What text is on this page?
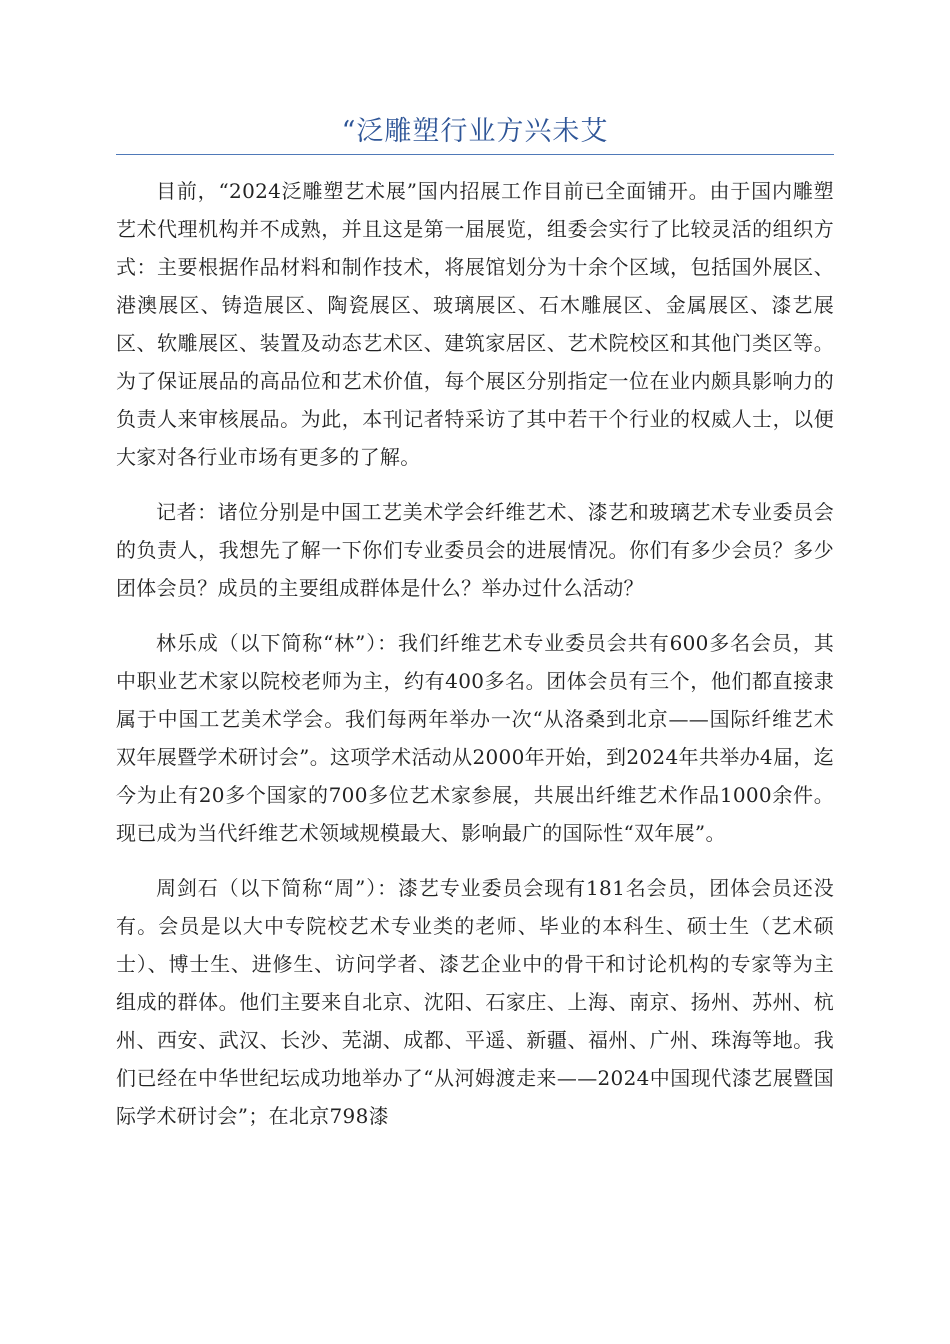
“泛雕塑行业方兴未艾

目前，“2024泛雕塑艺术展”国内招展工作目前已全面铺开。由于国内雕塑艺术代理机构并不成熟，并且这是第一届展览，组委会实行了比较灵活的组织方式：主要根据作品材料和制作技术，将展馆划分为十余个区域，包括国外展区、港澳展区、铸造展区、陶瓷展区、玻璃展区、石木雕展区、金属展区、漆艺展区、软雕展区、装置及动态艺术区、建筑家居区、艺术院校区和其他门类区等。为了保证展品的高品位和艺术价值，每个展区分别指定一位在业内颇具影响力的负责人来审核展品。为此，本刊记者特采访了其中若干个行业的权威人士，以便大家对各行业市场有更多的了解。

记者：诸位分别是中国工艺美术学会纤维艺术、漆艺和玻璃艺术专业委员会的负责人，我想先了解一下你们专业委员会的进展情况。你们有多少会员？多少团体会员？成员的主要组成群体是什么？举办过什么活动？

林乐成（以下简称“林”）：我们纤维艺术专业委员会共有600多名会员，其中职业艺术家以院校老师为主，约有400多名。团体会员有三个，他们都直接隶属于中国工艺美术学会。我们每两年举办一次“从洛桑到北京——国际纤维艺术双年展暨学术研讨会”。这项学术活动从2000年开始，到2024年共举办4届，迄今为止有20多个国家的700多位艺术家参展，共展出纤维艺术作品1000余件。现已成为当代纤维艺术领域规模最大、影响最广的国际性“双年展”。

周剑石（以下简称“周”）：漆艺专业委员会现有181名会员，团体会员还没有。会员是以大中专院校艺术专业类的老师、毕业的本科生、硕士生（艺术硕士）、博士生、进修生、访问学者、漆艺企业中的骨干和讨论机构的专家等为主组成的群体。他们主要来自北京、沈阳、石家庄、上海、南京、扬州、苏州、杭州、西安、武汉、长沙、芜湖、成都、平遥、新疆、福州、广州、珠海等地。我们已经在中华世纪坛成功地举办了“从河姆渡走来——2024中国现代漆艺展暨国际学术研讨会”；在北京798漆
